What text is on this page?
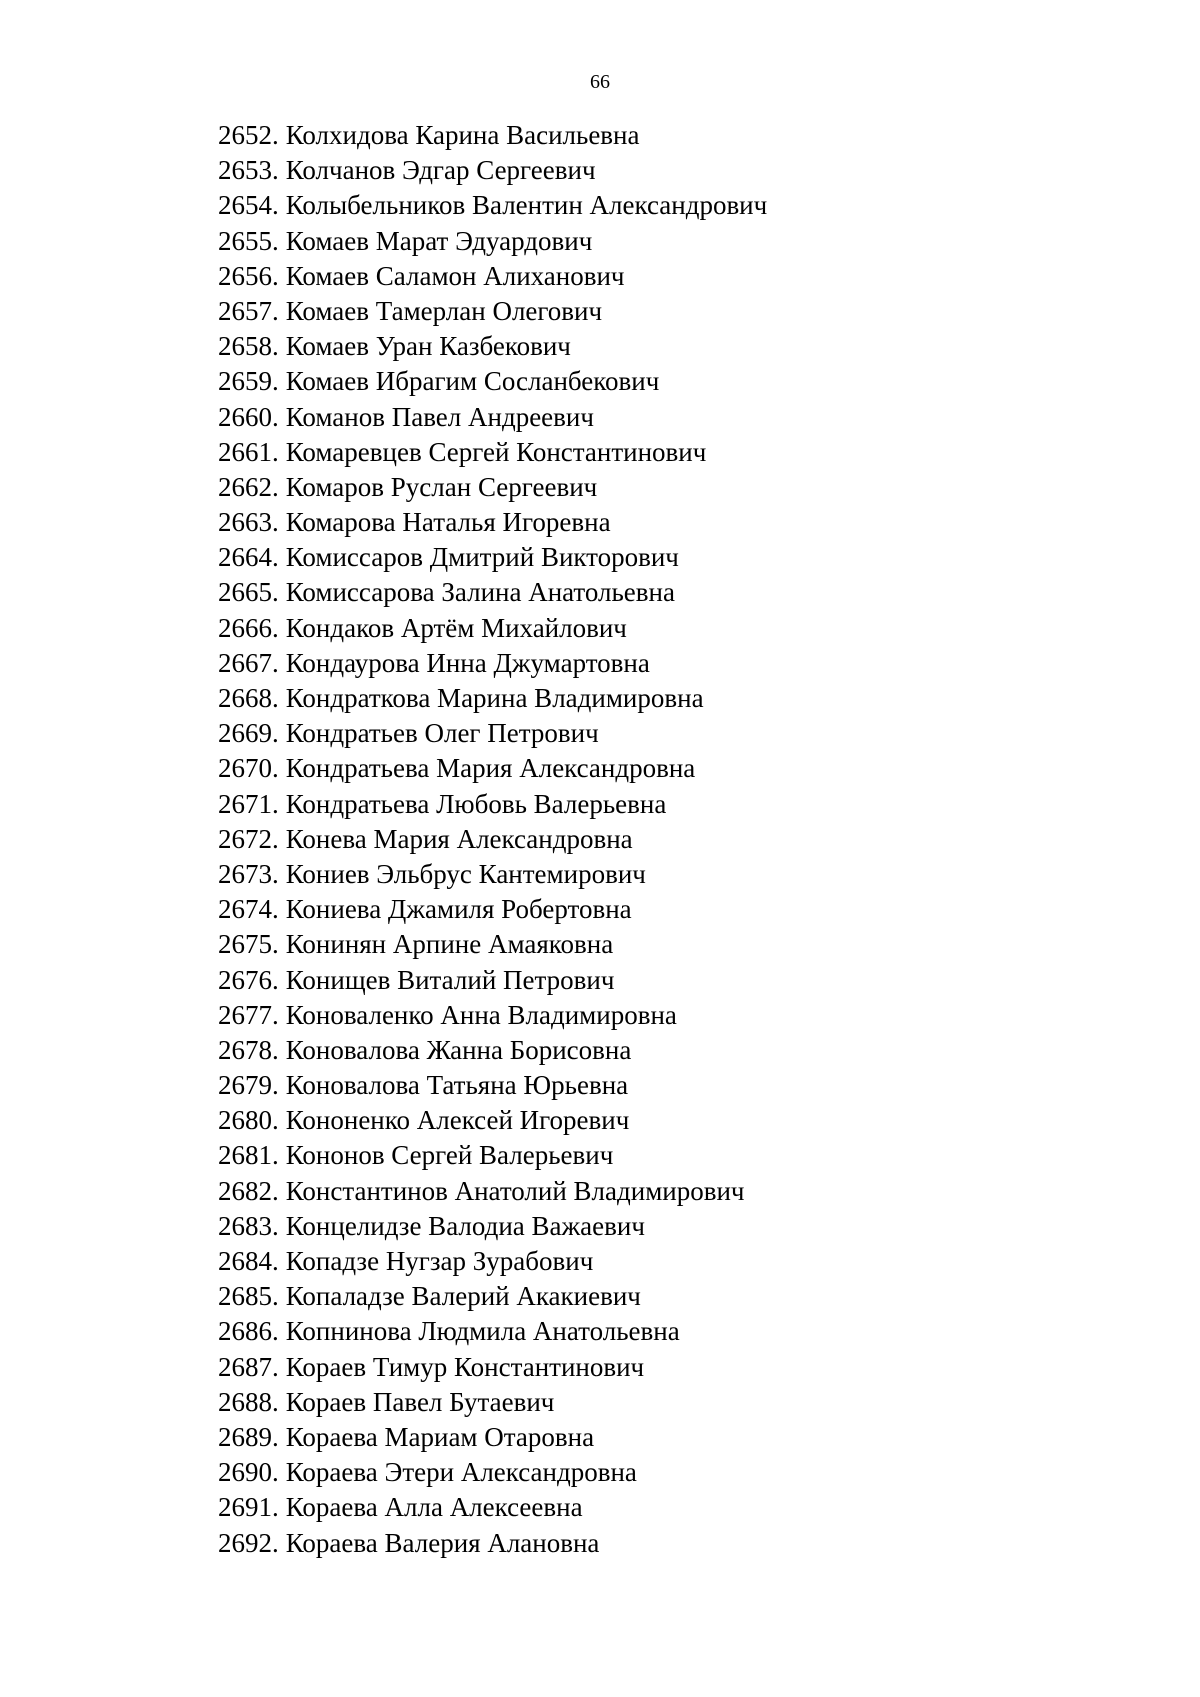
66
2652. Колхидова Карина Васильевна
2653. Колчанов Эдгар Сергеевич
2654. Колыбельников Валентин Александрович
2655. Комаев Марат Эдуардович
2656. Комаев Саламон Алиханович
2657. Комаев Тамерлан Олегович
2658. Комаев Уран Казбекович
2659. Комаев Ибрагим Сосланбекович
2660. Команов Павел Андреевич
2661. Комаревцев Сергей Константинович
2662. Комаров Руслан Сергеевич
2663. Комарова Наталья Игоревна
2664. Комиссаров Дмитрий Викторович
2665. Комиссарова Залина Анатольевна
2666. Кондаков Артём Михайлович
2667. Кондаурова Инна Джумартовна
2668. Кондраткова Марина Владимировна
2669. Кондратьев Олег Петрович
2670. Кондратьева Мария Александровна
2671. Кондратьева Любовь Валерьевна
2672. Конева Мария Александровна
2673. Кониев Эльбрус Кантемирович
2674. Кониева Джамиля Робертовна
2675. Конинян Арпине Амаяковна
2676. Конищев Виталий Петрович
2677. Коноваленко Анна Владимировна
2678. Коновалова Жанна Борисовна
2679. Коновалова Татьяна Юрьевна
2680. Кононенко Алексей Игоревич
2681. Кононов Сергей Валерьевич
2682. Константинов Анатолий Владимирович
2683. Концелидзе Валодиа Важаевич
2684. Копадзе Нугзар Зурабович
2685. Копаладзе Валерий Акакиевич
2686. Копнинова Людмила Анатольевна
2687. Кораев Тимур Константинович
2688. Кораев Павел Бутаевич
2689. Кораева Мариам Отаровна
2690. Кораева Этери Александровна
2691. Кораева Алла Алексеевна
2692. Кораева Валерия Алановна
